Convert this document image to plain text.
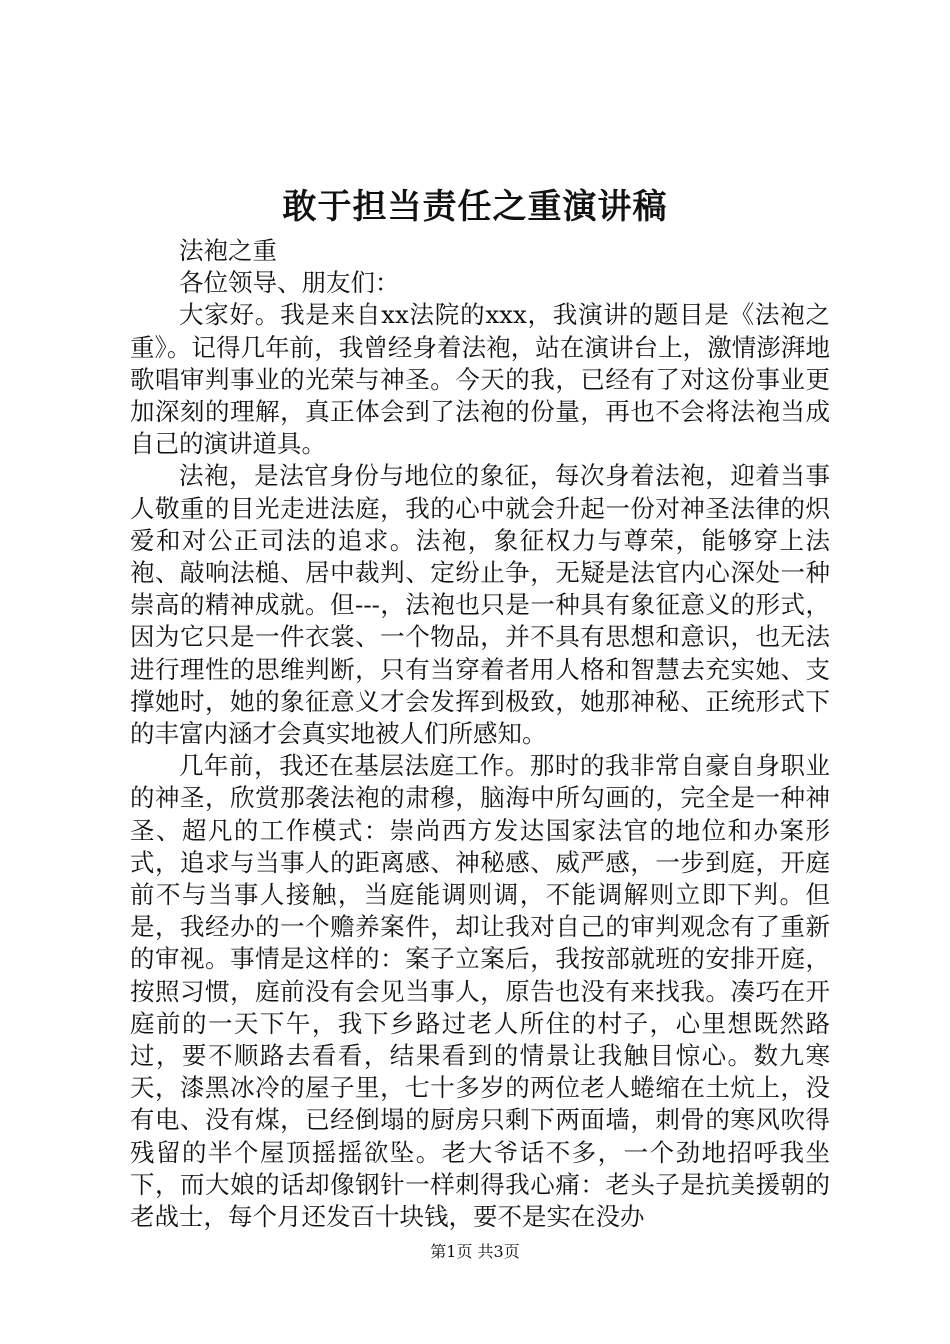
敢于担当责任之重演讲稿

法袍之重

各位领导、朋友们：

大家好。我是来自xx法院的xxx，我演讲的题目是《法袍之重》。记得几年前，我曾经身着法袍，站在演讲台上，激情澎湃地歌唱审判事业的光荣与神圣。今天的我，已经有了对这份事业更加深刻的理解，真正体会到了法袍的份量，再也不会将法袍当成自己的演讲道具。

法袍，是法官身份与地位的象征，每次身着法袍，迎着当事人敬重的目光走进法庭，我的心中就会升起一份对神圣法律的炽爱和对公正司法的追求。法袍，象征权力与尊荣，能够穿上法袍、敲响法槌、居中裁判、定纷止争，无疑是法官内心深处一种崇高的精神成就。但---，法袍也只是一种具有象征意义的形式，因为它只是一件衣裳、一个物品，并不具有思想和意识，也无法进行理性的思维判断，只有当穿着者用人格和智慧去充实她、支撑她时，她的象征意义才会发挥到极致，她那神秘、正统形式下的丰富内涵才会真实地被人们所感知。

几年前，我还在基层法庭工作。那时的我非常自豪自身职业的神圣，欣赏那袭法袍的肃穆，脑海中所勾画的，完全是一种神圣、超凡的工作模式：崇尚西方发达国家法官的地位和办案形式，追求与当事人的距离感、神秘感、威严感，一步到庭，开庭前不与当事人接触，当庭能调则调，不能调解则立即下判。但是，我经办的一个赡养案件，却让我对自己的审判观念有了重新的审视。事情是这样的：案子立案后，我按部就班的安排开庭，按照习惯，庭前没有会见当事人，原告也没有来找我。凑巧在开庭前的一天下午，我下乡路过老人所住的村子，心里想既然路过，要不顺路去看看，结果看到的情景让我触目惊心。数九寒天，漆黑冰冷的屋子里，七十多岁的两位老人蜷缩在土炕上，没有电、没有煤，已经倒塌的厨房只剩下两面墙，刺骨的寒风吹得残留的半个屋顶摇摇欲坠。老大爷话不多，一个劲地招呼我坐下，而大娘的话却像钢针一样刺得我心痛：老头子是抗美援朝的老战士，每个月还发百十块钱，要不是实在没办

第1页 共3页
